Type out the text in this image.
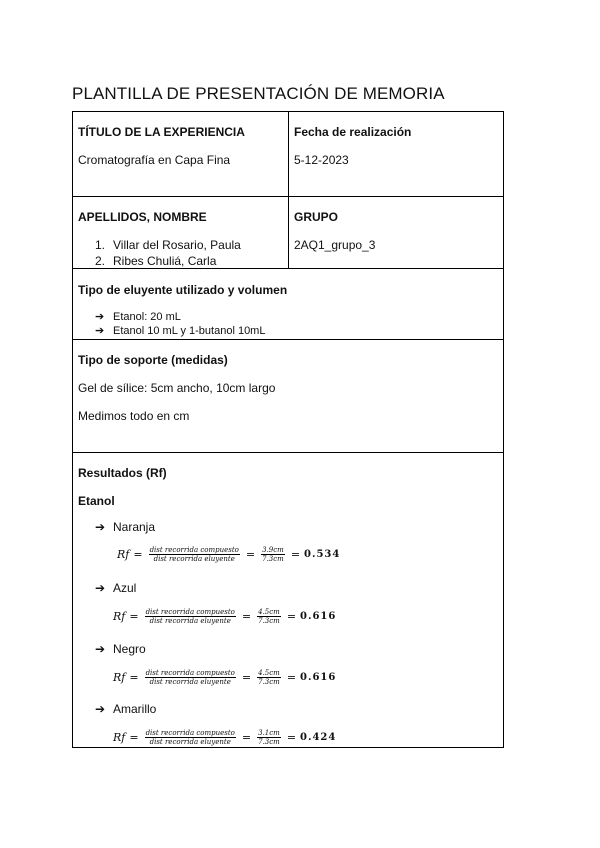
PLANTILLA DE PRESENTACIÓN DE MEMORIA
TÍTULO DE LA EXPERIENCIA
Cromatografía en Capa Fina
Fecha de realización
5-12-2023
APELLIDOS, NOMBRE
1. Villar del Rosario, Paula
2. Ribes Chuliá, Carla
GRUPO
2AQ1_grupo_3
Tipo de eluyente utilizado y volumen
➔ Etanol: 20 mL
➔ Etanol 10 mL y 1-butanol 10mL
Tipo de soporte (medidas)
Gel de sílice: 5cm ancho, 10cm largo
Medimos todo en cm
Resultados (Rf)
Etanol
➔ Naranja
$Rf = \frac{\text{dist recorrida compuesto}}{\text{dist recorrida eluyente}} = \frac{3.9cm}{7.3cm} = 0.534$
➔ Azul
$Rf = \frac{\text{dist recorrida compuesto}}{\text{dist recorrida eluyente}} = \frac{4.5cm}{7.3cm} = 0.616$
➔ Negro
$Rf = \frac{\text{dist recorrida compuesto}}{\text{dist recorrida eluyente}} = \frac{4.5cm}{7.3cm} = 0.616$
➔ Amarillo
$Rf = \frac{\text{dist recorrida compuesto}}{\text{dist recorrida eluyente}} = \frac{3.1cm}{7.3cm} = 0.424$
